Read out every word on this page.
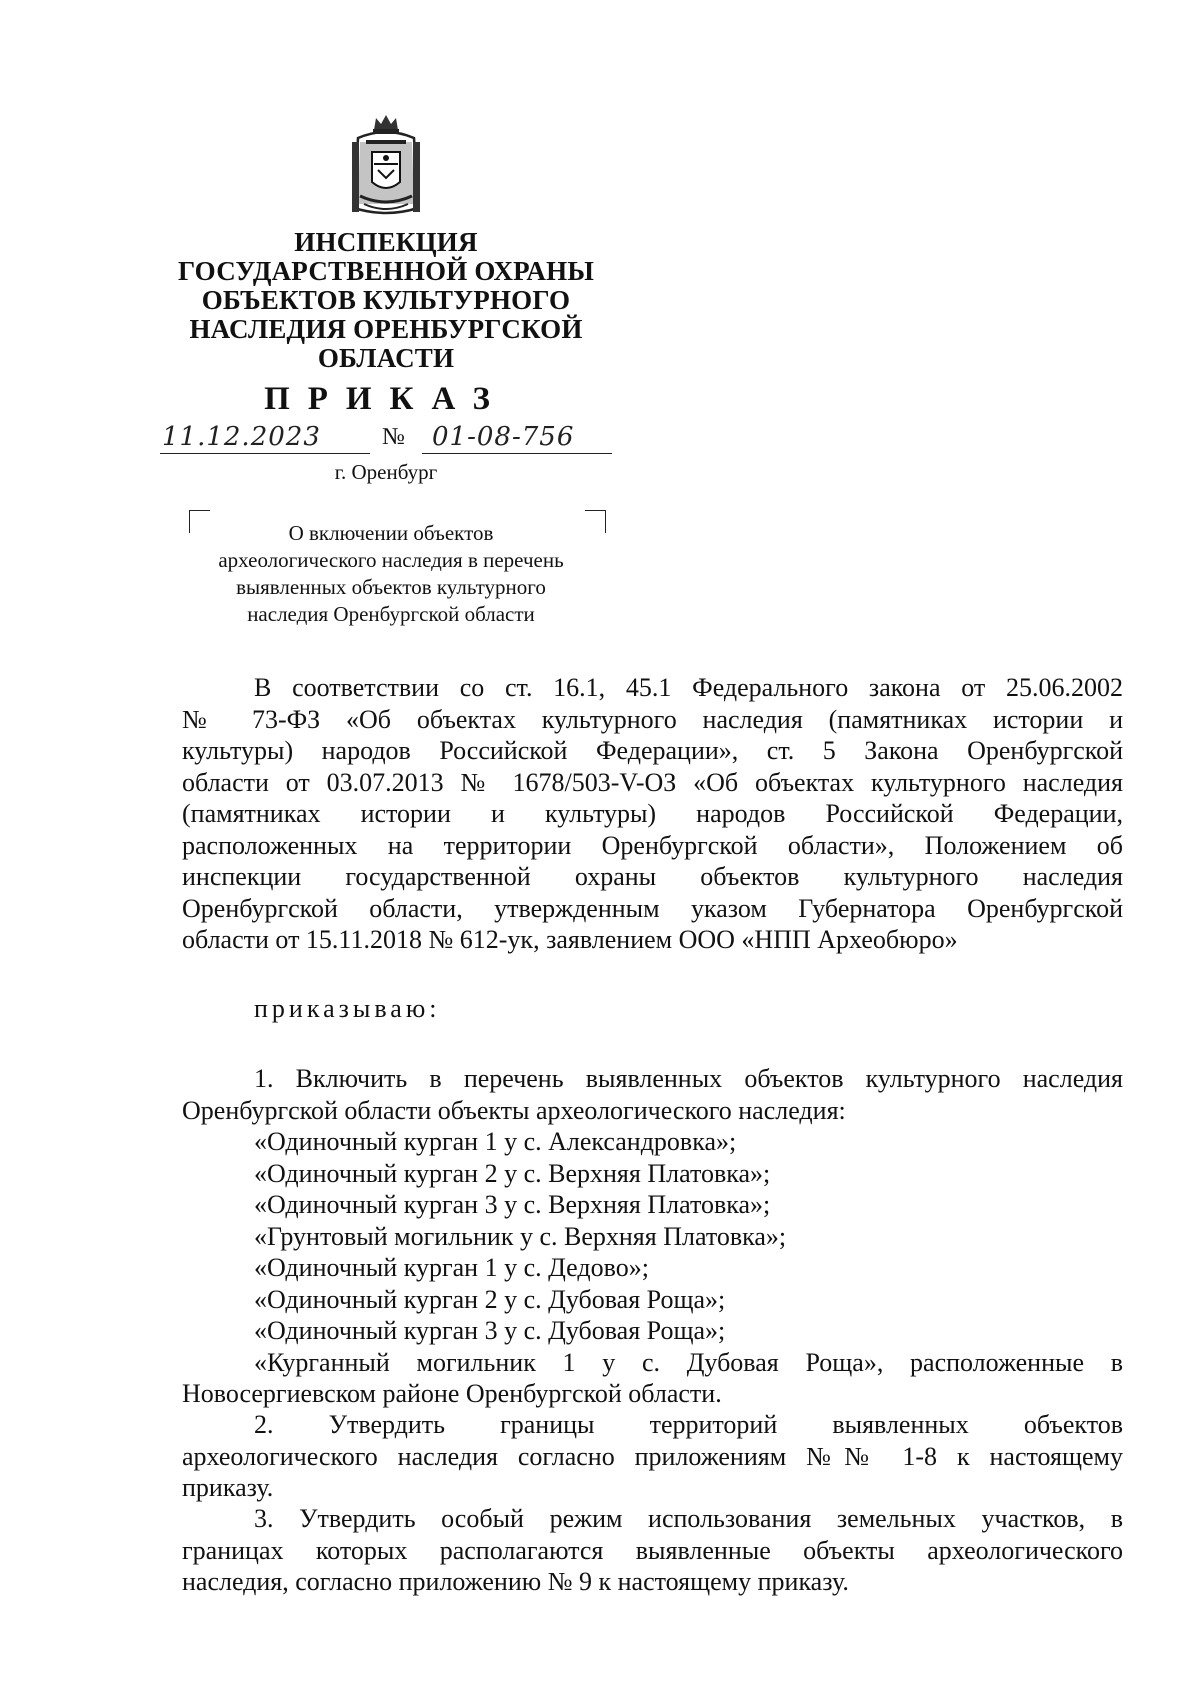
ИНСПЕКЦИЯ
ГОСУДАРСТВЕННОЙ ОХРАНЫ
ОБЪЕКТОВ КУЛЬТУРНОГО
НАСЛЕДИЯ ОРЕНБУРГСКОЙ
ОБЛАСТИ
ПРИКАЗ
11.12.2023	№ 01-08-756
г. Оренбург
О включении объектов
археологического наследия в перечень
выявленных объектов культурного
наследия Оренбургской области
В соответствии со ст. 16.1, 45.1 Федерального закона от 25.06.2002
№ 73-ФЗ «Об объектах культурного наследия (памятниках истории и
культуры) народов Российской Федерации», ст. 5 Закона Оренбургской
области от 03.07.2013 № 1678/503-V-ОЗ «Об объектах культурного наследия
(памятниках истории и культуры) народов Российской Федерации,
расположенных на территории Оренбургской области», Положением об
инспекции государственной охраны объектов культурного наследия
Оренбургской области, утвержденным указом Губернатора Оренбургской
области от 15.11.2018 № 612-ук, заявлением ООО «НПП Археобюро»
приказываю:
1. Включить в перечень выявленных объектов культурного наследия
Оренбургской области объекты археологического наследия:
«Одиночный курган 1 у с. Александровка»;
«Одиночный курган 2 у с. Верхняя Платовка»;
«Одиночный курган 3 у с. Верхняя Платовка»;
«Грунтовый могильник у с. Верхняя Платовка»;
«Одиночный курган 1 у с. Дедово»;
«Одиночный курган 2 у с. Дубовая Роща»;
«Одиночный курган 3 у с. Дубовая Роща»;
«Курганный могильник 1 у с. Дубовая Роща», расположенные в
Новосергиевском районе Оренбургской области.
2. Утвердить границы территорий выявленных объектов
археологического наследия согласно приложениям №№ 1-8 к настоящему
приказу.
3. Утвердить особый режим использования земельных участков, в
границах которых располагаются выявленные объекты археологического
наследия, согласно приложению № 9 к настоящему приказу.
